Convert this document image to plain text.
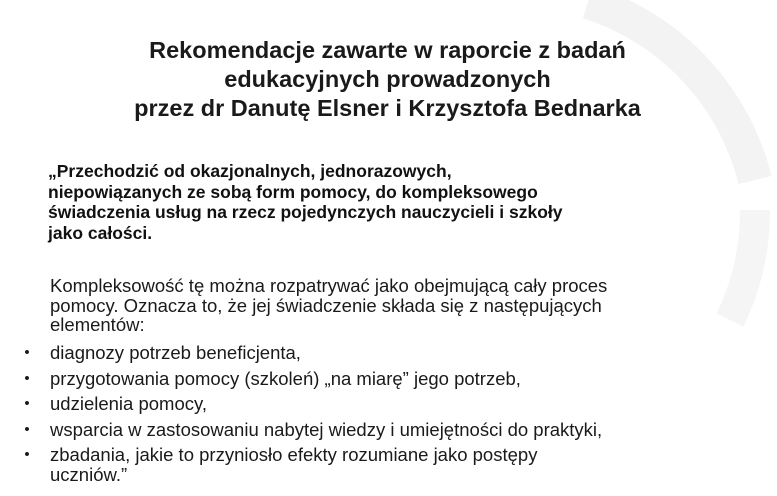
Rekomendacje zawarte w raporcie z badań
edukacyjnych prowadzonych
przez dr Danutę Elsner i Krzysztofa Bednarka
„Przechodzić od okazjonalnych, jednorazowych,
niepowiązanych ze sobą form pomocy, do kompleksowego
świadczenia usług na rzecz pojedynczych nauczycieli i szkoły
jako całości.
Kompleksowość tę można rozpatrywać jako obejmującą cały proces
pomocy. Oznacza to, że jej świadczenie składa się z następujących
elementów:
• diagnozy potrzeb beneficjenta,
• przygotowania pomocy (szkoleń) „na miarę” jego potrzeb,
• udzielenia pomocy,
• wsparcia w zastosowaniu nabytej wiedzy i umiejętności do praktyki,
• zbadania, jakie to przyniosło efekty rozumiane jako postępy
uczniów.”
